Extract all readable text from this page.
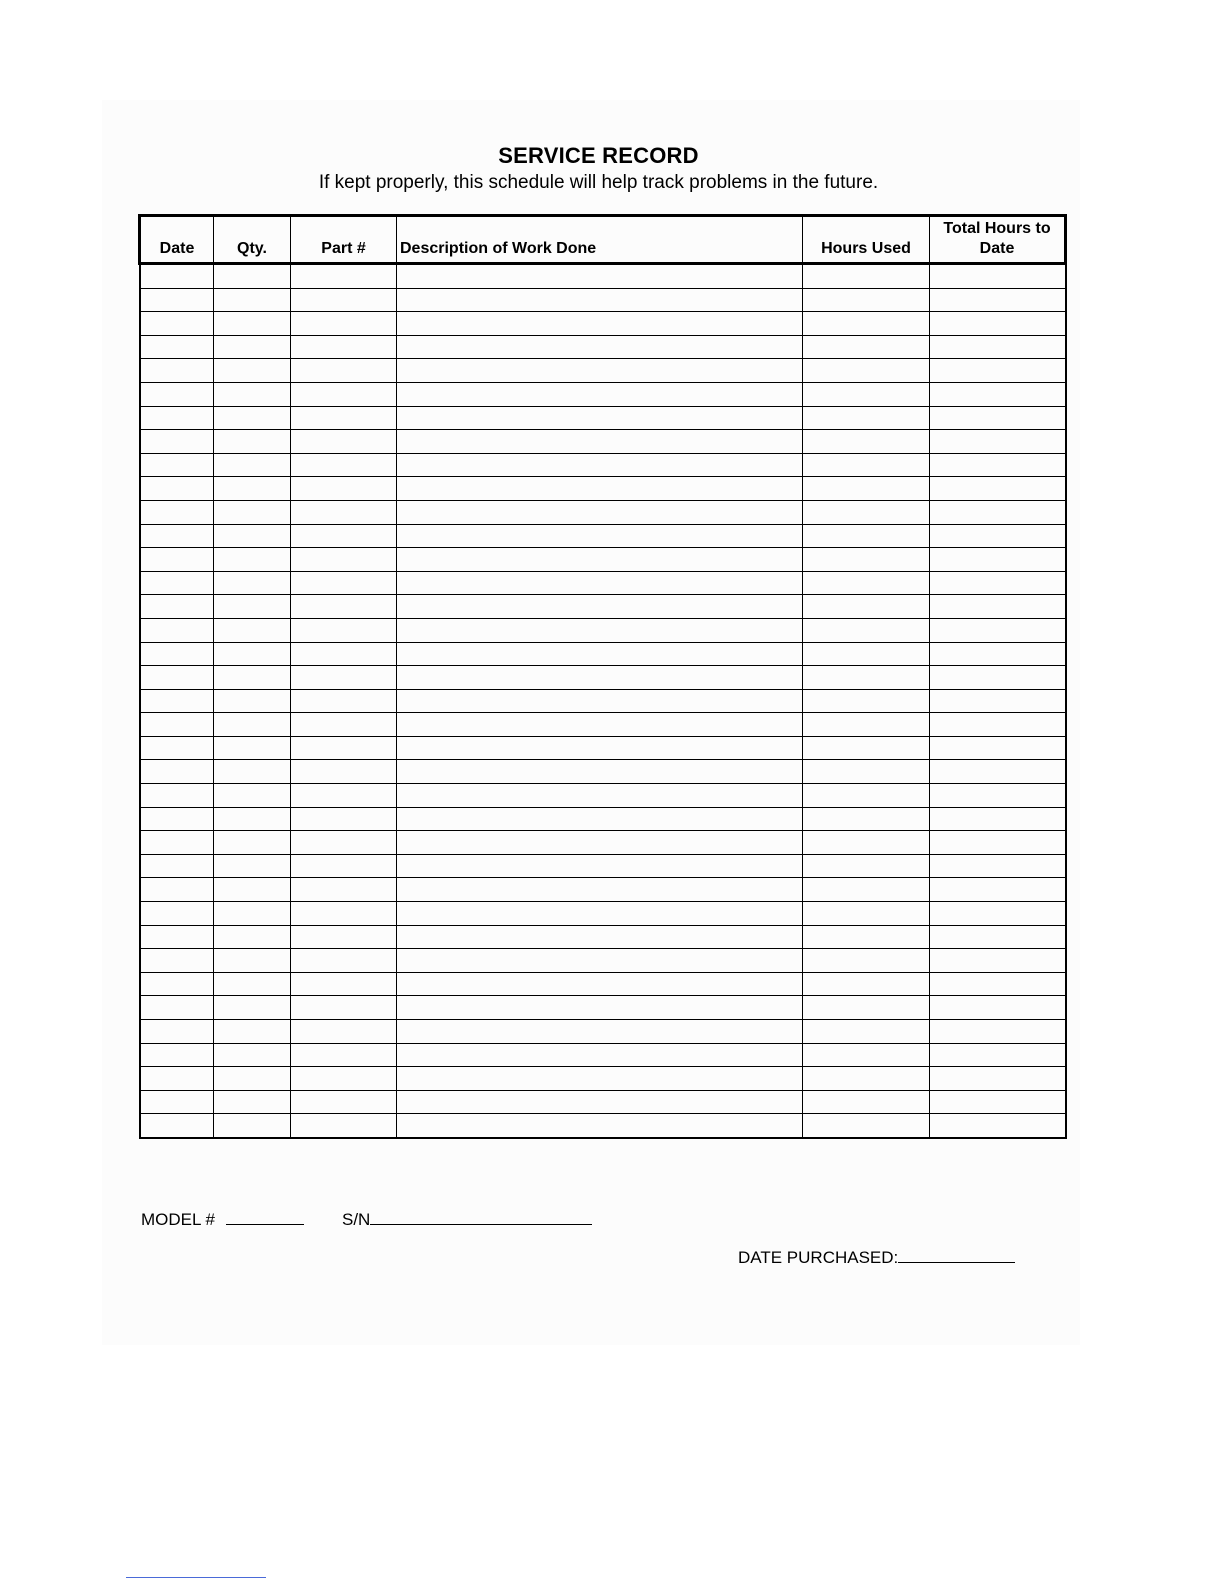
SERVICE RECORD
If kept properly, this schedule will help track problems in the future.
Date	Qty.	Part #	Description of Work Done	Hours Used	Total Hours to Date

MODEL #	S/N
DATE PURCHASED:
